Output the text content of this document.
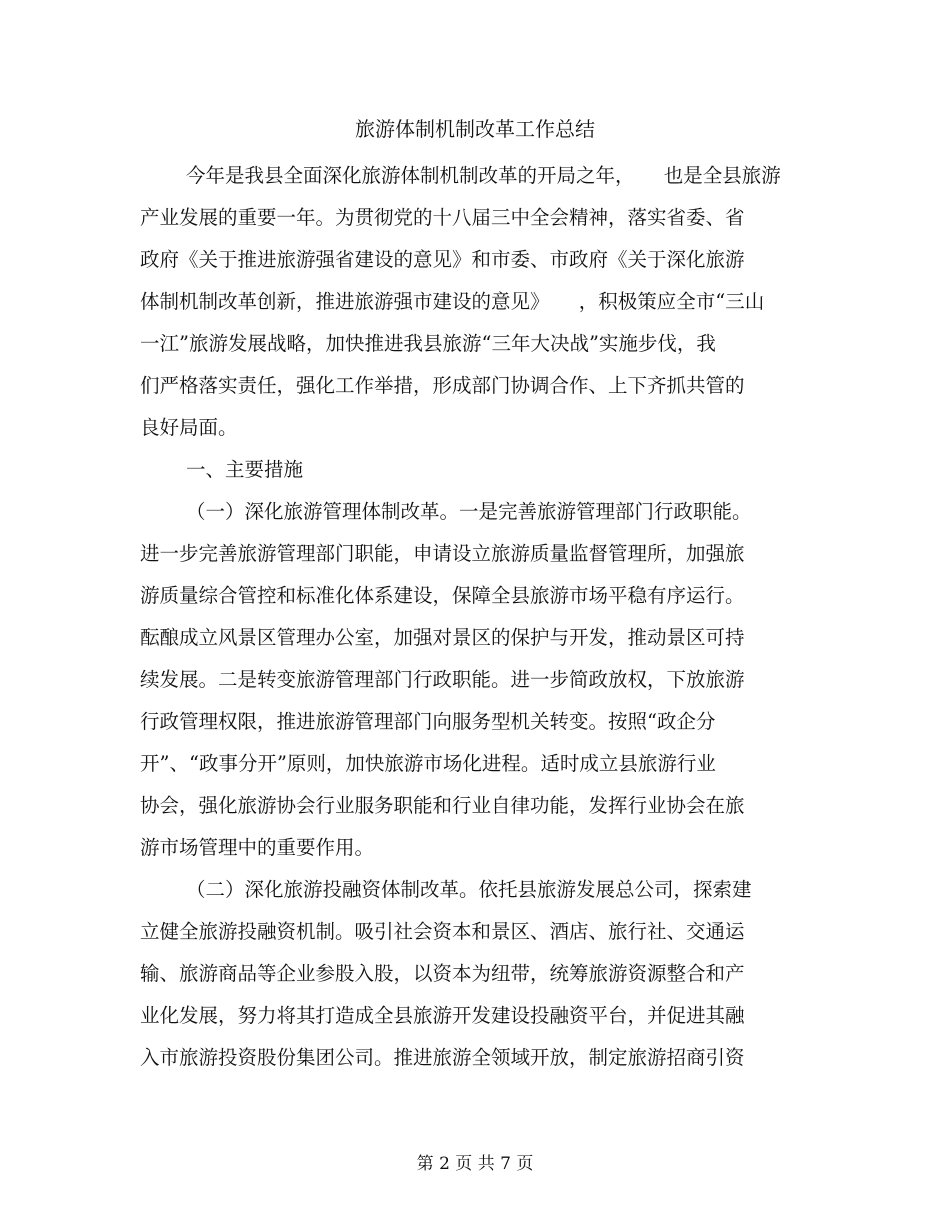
旅游体制机制改革工作总结
今年是我县全面深化旅游体制机制改革的开局之年，　　也是全县旅游
产业发展的重要一年。为贯彻党的十八届三中全会精神，落实省委、省
政府《关于推进旅游强省建设的意见》和市委、市政府《关于深化旅游
体制机制改革创新，推进旅游强市建设的意见》　　，积极策应全市“三山
一江”旅游发展战略，加快推进我县旅游“三年大决战”实施步伐，我
们严格落实责任，强化工作举措，形成部门协调合作、上下齐抓共管的
良好局面。
一、主要措施
（一）深化旅游管理体制改革。一是完善旅游管理部门行政职能。
进一步完善旅游管理部门职能，申请设立旅游质量监督管理所，加强旅
游质量综合管控和标准化体系建设，保障全县旅游市场平稳有序运行。
酝酿成立风景区管理办公室，加强对景区的保护与开发，推动景区可持
续发展。二是转变旅游管理部门行政职能。进一步简政放权，下放旅游
行政管理权限，推进旅游管理部门向服务型机关转变。按照“政企分
开”、“政事分开”原则，加快旅游市场化进程。适时成立县旅游行业
协会，强化旅游协会行业服务职能和行业自律功能，发挥行业协会在旅
游市场管理中的重要作用。
（二）深化旅游投融资体制改革。依托县旅游发展总公司，探索建
立健全旅游投融资机制。吸引社会资本和景区、酒店、旅行社、交通运
输、旅游商品等企业参股入股，以资本为纽带，统筹旅游资源整合和产
业化发展，努力将其打造成全县旅游开发建设投融资平台，并促进其融
入市旅游投资股份集团公司。推进旅游全领域开放，制定旅游招商引资
第 2 页 共 7 页
